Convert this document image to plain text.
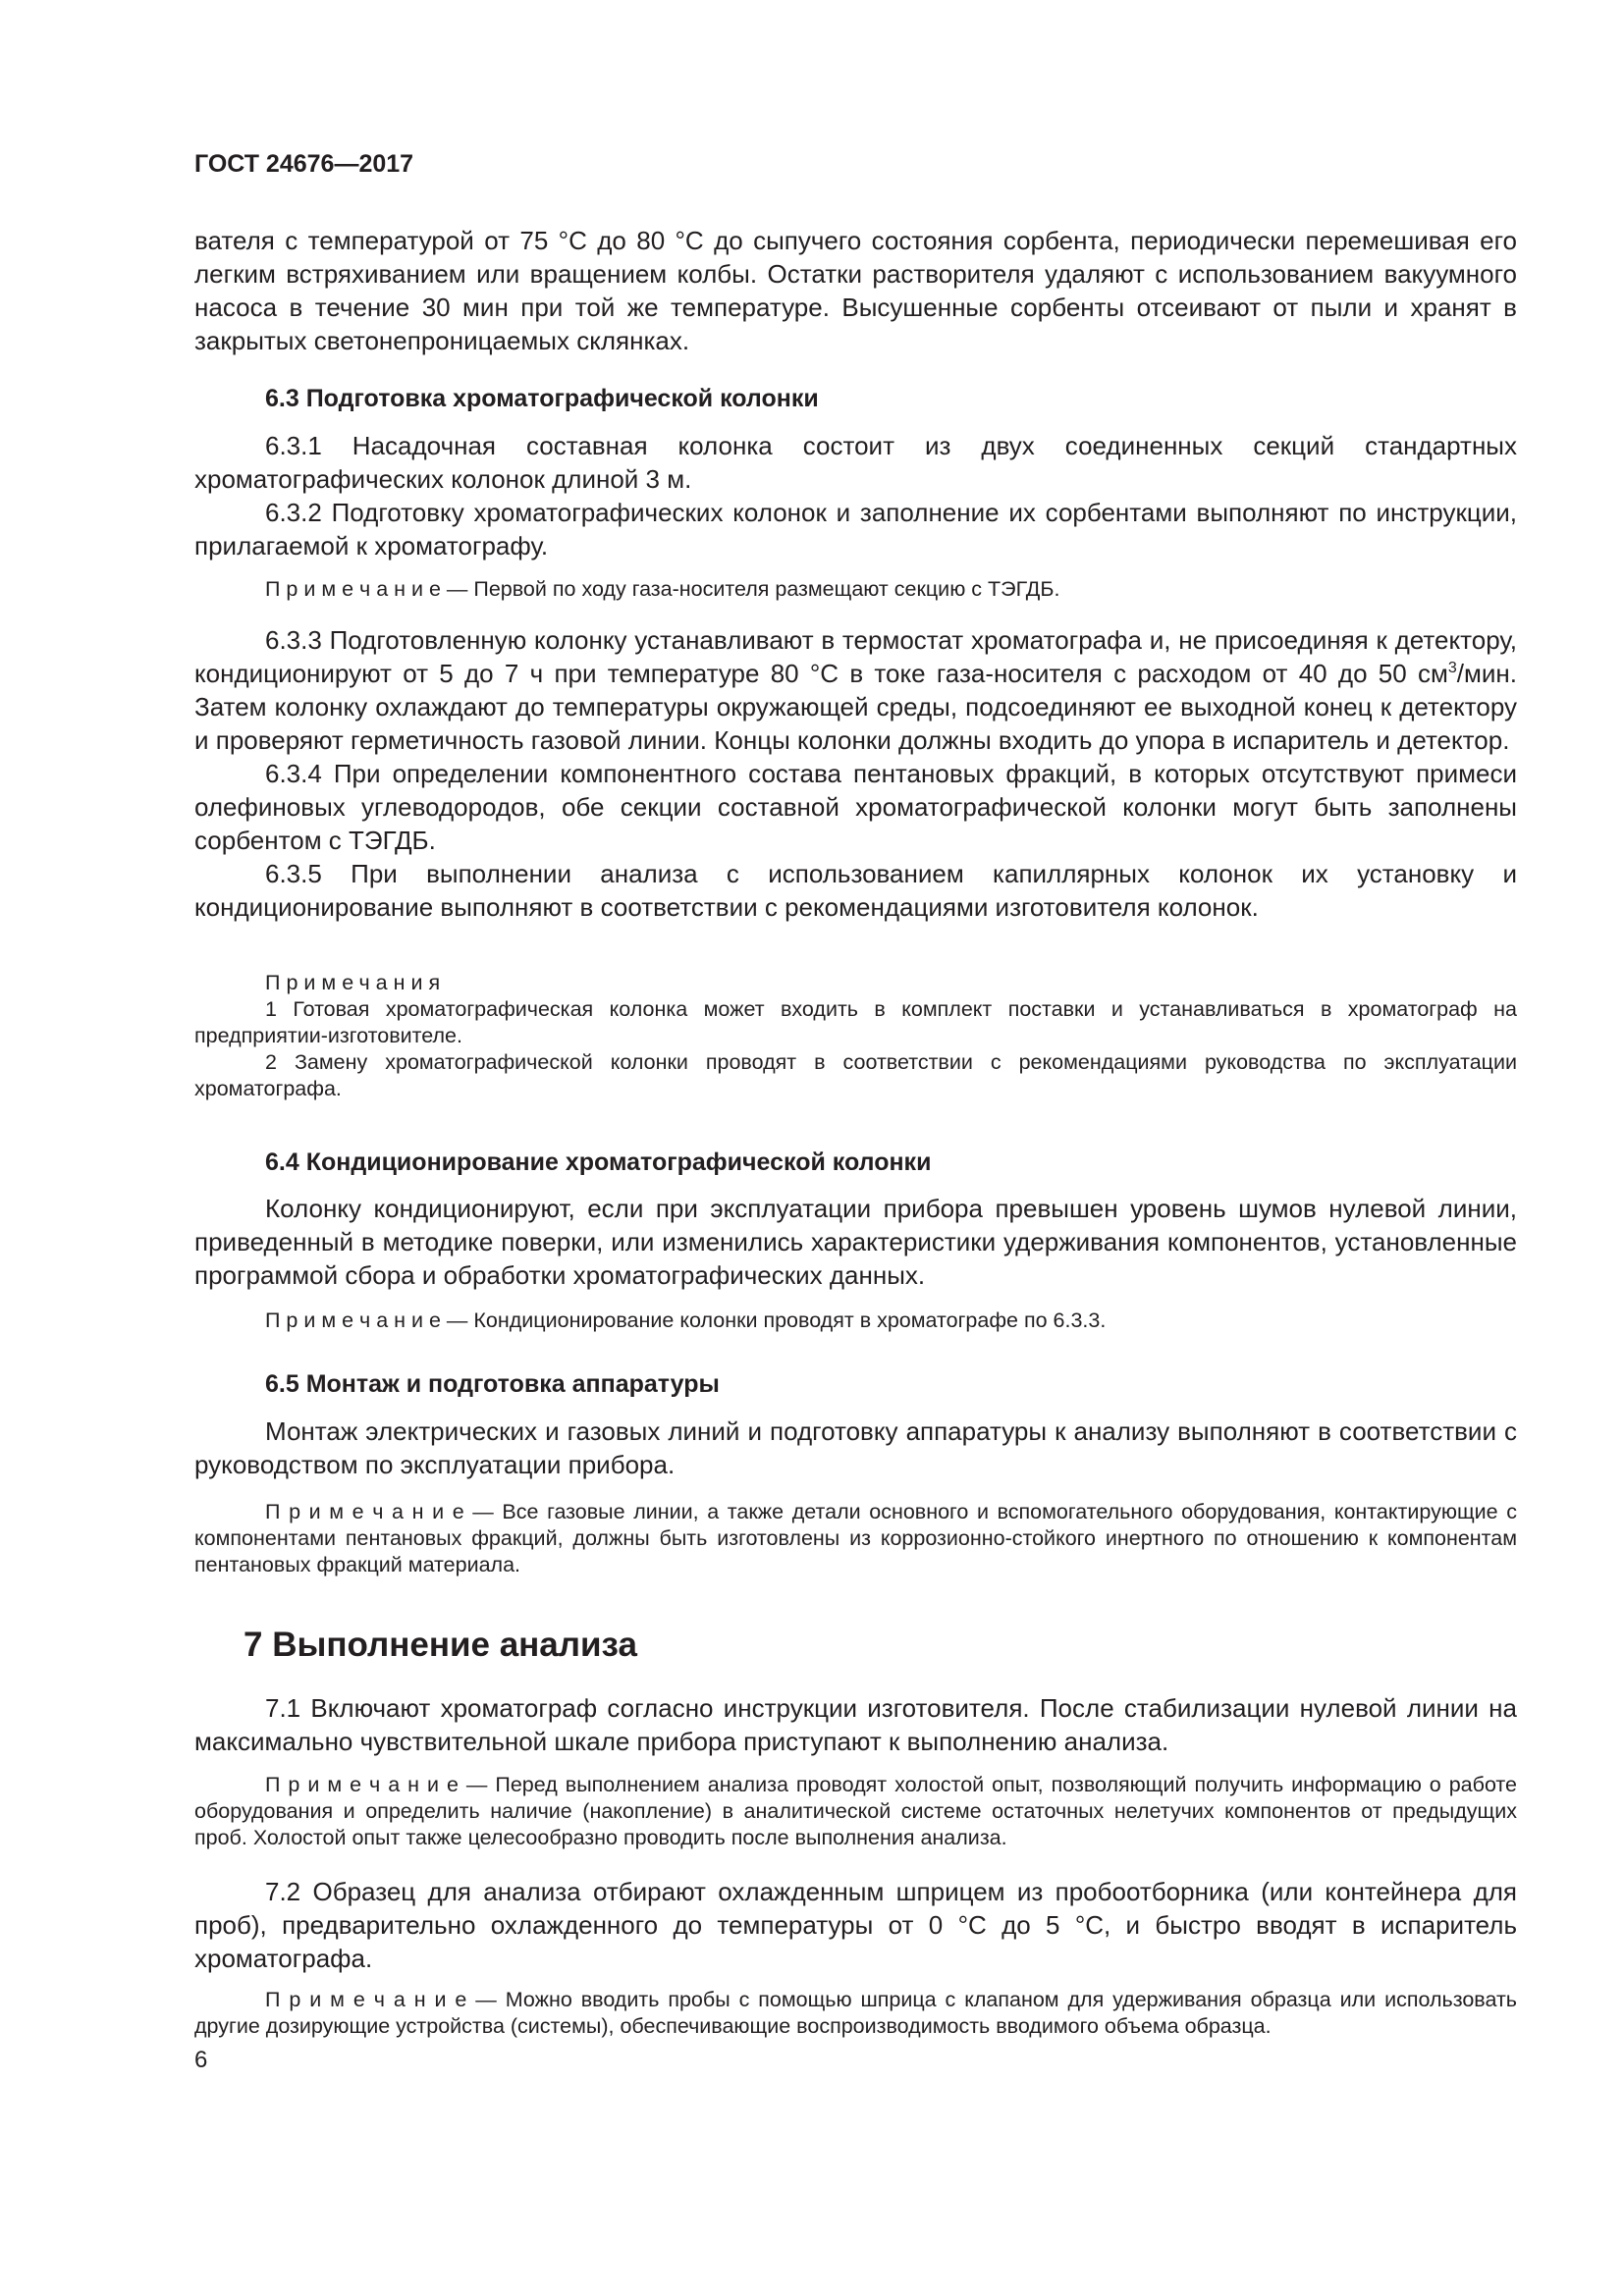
ГОСТ 24676—2017

вателя с температурой от 75 °С до 80 °С до сыпучего состояния сорбента, периодически перемешивая его легким встряхиванием или вращением колбы. Остатки растворителя удаляют с использованием вакуумного насоса в течение 30 мин при той же температуре. Высушенные сорбенты отсеивают от пыли и хранят в закрытых светонепроницаемых склянках.

6.3 Подготовка хроматографической колонки

6.3.1 Насадочная составная колонка состоит из двух соединенных секций стандартных хроматографических колонок длиной 3 м.

6.3.2 Подготовку хроматографических колонок и заполнение их сорбентами выполняют по инструкции, прилагаемой к хроматографу.

П р и м е ч а н и е — Первой по ходу газа-носителя размещают секцию с ТЭГДБ.

6.3.3 Подготовленную колонку устанавливают в термостат хроматографа и, не присоединяя к детектору, кондиционируют от 5 до 7 ч при температуре 80 °С в токе газа-носителя с расходом от 40 до 50 $см^3$/мин. Затем колонку охлаждают до температуры окружающей среды, подсоединяют ее выходной конец к детектору и проверяют герметичность газовой линии. Концы колонки должны входить до упора в испаритель и детектор.

6.3.4 При определении компонентного состава пентановых фракций, в которых отсутствуют примеси олефиновых углеводородов, обе секции составной хроматографической колонки могут быть заполнены сорбентом с ТЭГДБ.

6.3.5 При выполнении анализа с использованием капиллярных колонок их установку и кондиционирование выполняют в соответствии с рекомендациями изготовителя колонок.

Примечания

1 Готовая хроматографическая колонка может входить в комплект поставки и устанавливаться в хроматограф на предприятии-изготовителе.

2 Замену хроматографической колонки проводят в соответствии с рекомендациями руководства по эксплуатации хроматографа.

6.4 Кондиционирование хроматографической колонки

Колонку кондиционируют, если при эксплуатации прибора превышен уровень шумов нулевой линии, приведенный в методике поверки, или изменились характеристики удерживания компонентов, установленные программой сбора и обработки хроматографических данных.

П р и м е ч а н и е — Кондиционирование колонки проводят в хроматографе по 6.3.3.
6.5 Монтаж и подготовка аппаратуры

Монтаж электрических и газовых линий и подготовку аппаратуры к анализу выполняют в соответствии с руководством по эксплуатации прибора.

П р и м е ч а н и е — Все газовые линии, а также детали основного и вспомогательного оборудования, контактирующие с компонентами пентановых фракций, должны быть изготовлены из коррозионно-стойкого инертного по отношению к компонентам пентановых фракций материала.
7 Выполнение анализа

7.1 Включают хроматограф согласно инструкции изготовителя. После стабилизации нулевой линии на максимально чувствительной шкале прибора приступают к выполнению анализа.

П р и м е ч а н и е — Перед выполнением анализа проводят холостой опыт, позволяющий получить информацию о работе оборудования и определить наличие (накопление) в аналитической системе остаточных нелетучих компонентов от предыдущих проб. Холостой опыт также целесообразно проводить после выполнения анализа.

7.2 Образец для анализа отбирают охлажденным шприцем из пробоотборника (или контейнера для проб), предварительно охлажденного до температуры от 0 °С до 5 °С, и быстро вводят в испаритель хроматографа.

П р и м е ч а н и е — Можно вводить пробы с помощью шприца с клапаном для удерживания образца или использовать другие дозирующие устройства (системы), обеспечивающие воспроизводимость вводимого объема образца.
6
